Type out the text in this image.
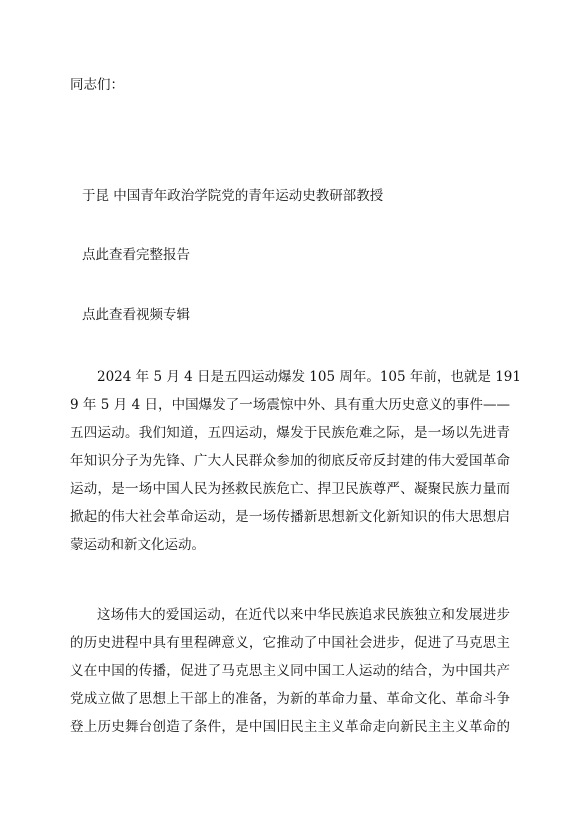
同志们：
于昆 中国青年政治学院党的青年运动史教研部教授
点此查看完整报告
点此查看视频专辑
2024 年 5 月 4 日是五四运动爆发 105 周年。105 年前，也就是 191
9 年 5 月 4 日，中国爆发了一场震惊中外、具有重大历史意义的事件——
五四运动。我们知道，五四运动，爆发于民族危难之际，是一场以先进青
年知识分子为先锋、广大人民群众参加的彻底反帝反封建的伟大爱国革命
运动，是一场中国人民为拯救民族危亡、捍卫民族尊严、凝聚民族力量而
掀起的伟大社会革命运动，是一场传播新思想新文化新知识的伟大思想启
蒙运动和新文化运动。
这场伟大的爱国运动，在近代以来中华民族追求民族独立和发展进步
的历史进程中具有里程碑意义，它推动了中国社会进步，促进了马克思主
义在中国的传播，促进了马克思主义同中国工人运动的结合，为中国共产
党成立做了思想上干部上的准备，为新的革命力量、革命文化、革命斗争
登上历史舞台创造了条件，是中国旧民主主义革命走向新民主主义革命的
